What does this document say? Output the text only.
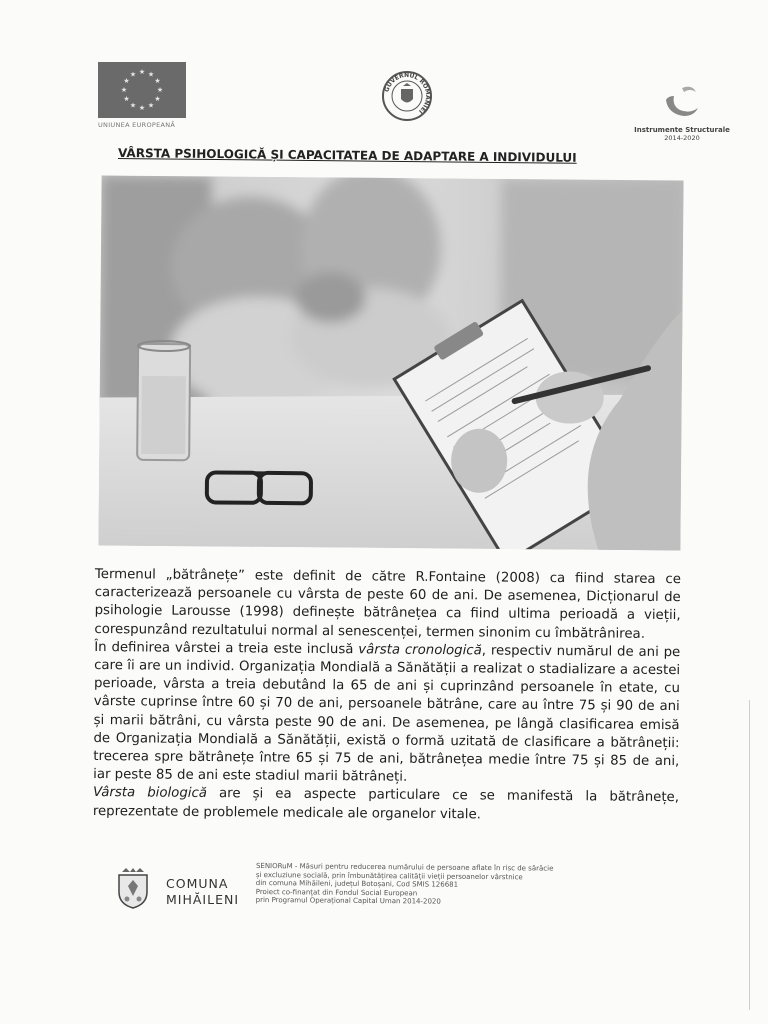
★ ★
★
★
★
★
★
★
★
★
★
★
UNIUNEA EUROPEANĂ
GUVERNUL ROMÂNIEI
Instrumente Structurale
2014-2020
VÂRSTA PSIHOLOGICĂ ȘI CAPACITATEA DE ADAPTARE A INDIVIDULUI

Termenul „bătrânețe” este definit de către R.Fontaine (2008) ca fiind starea ce caracterizează persoanele cu vârsta de peste 60 de ani. De asemenea, Dicționarul de psihologie Larousse (1998) definește bătrânețea ca fiind ultima perioadă a vieții, corespunzând rezultatului normal al senescenței, termen sinonim cu îmbătrânirea.

În definirea vârstei a treia este inclusă vârsta cronologică, respectiv numărul de ani pe care îi are un individ. Organizația Mondială a Sănătății a realizat o stadializare a acestei perioade, vârsta a treia debutând la 65 de ani și cuprinzând persoanele în etate, cu vârste cuprinse între 60 și 70 de ani, persoanele bătrâne, care au între 75 și 90 de ani și marii bătrâni, cu vârsta peste 90 de ani. De asemenea, pe lângă clasificarea emisă de Organizația Mondială a Sănătății, există o formă uzitată de clasificare a bătrâneții: trecerea spre bătrânețe între 65 și 75 de ani, bătrânețea medie între 75 și 85 de ani, iar peste 85 de ani este stadiul marii bătrâneți.

Vârsta biologică are și ea aspecte particulare ce se manifestă la bătrânețe, reprezentate de problemele medicale ale organelor vitale.

COMUNA
MIHĂILENI
SENIORuM - Măsuri pentru reducerea numărului de persoane aflate în risc de sărăcie
și excluziune socială, prin îmbunătățirea calității vieții persoanelor vârstnice
din comuna Mihăileni, județul Botoșani, Cod SMIS 126681
Proiect co-finanțat din Fondul Social European
prin Programul Operațional Capital Uman 2014-2020
